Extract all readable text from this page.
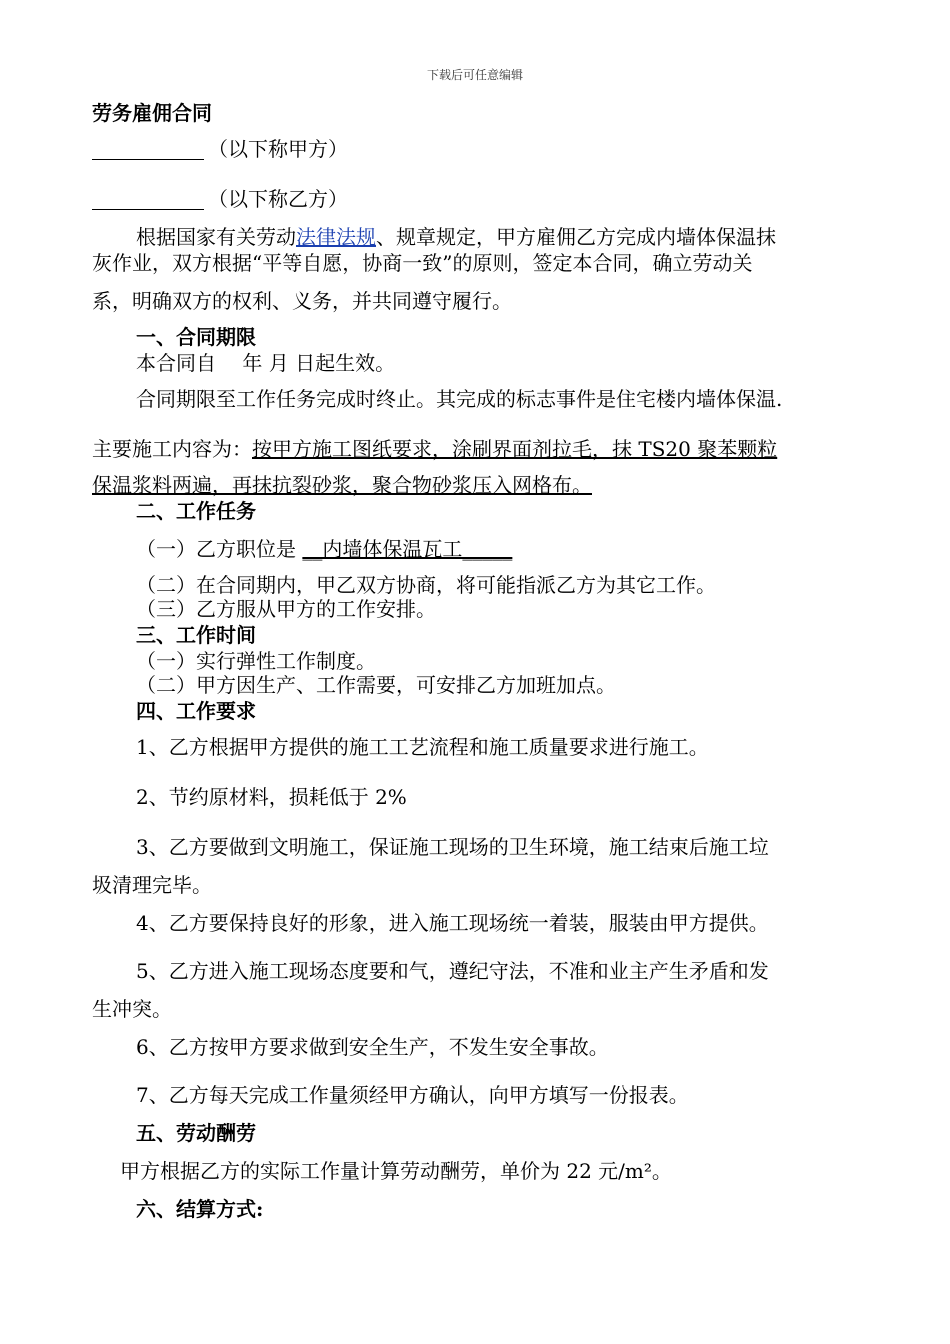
下载后可任意编辑
劳务雇佣合同
（以下称甲方）
（以下称乙方）
根据国家有关劳动法律法规、规章规定，甲方雇佣乙方完成内墙体保温抹
灰作业，双方根据“平等自愿，协商一致”的原则，签定本合同，确立劳动关
系，明确双方的权利、义务，并共同遵守履行。
一、合同期限
本合同自　 年 月 日起生效。
合同期限至工作任务完成时终止。其完成的标志事件是住宅楼内墙体保温.
主要施工内容为：按甲方施工图纸要求，涂刷界面剂拉毛，抹 TS20 聚苯颗粒
保温浆料两遍，再抹抗裂砂浆，聚合物砂浆压入网格布。
二、工作任务
（一）乙方职位是 __内墙体保温瓦工_____
（二）在合同期内，甲乙双方协商，将可能指派乙方为其它工作。
（三）乙方服从甲方的工作安排。
三、工作时间
（一）实行弹性工作制度。
（二）甲方因生产、工作需要，可安排乙方加班加点。
四、工作要求
1、乙方根据甲方提供的施工工艺流程和施工质量要求进行施工。
2、节约原材料，损耗低于 2%
3、乙方要做到文明施工，保证施工现场的卫生环境，施工结束后施工垃
圾清理完毕。
4、乙方要保持良好的形象，进入施工现场统一着装，服装由甲方提供。
5、乙方进入施工现场态度要和气，遵纪守法，不准和业主产生矛盾和发
生冲突。
6、乙方按甲方要求做到安全生产，不发生安全事故。
7、乙方每天完成工作量须经甲方确认，向甲方填写一份报表。
五、劳动酬劳
甲方根据乙方的实际工作量计算劳动酬劳，单价为 22 元/m²。
六、结算方式:
